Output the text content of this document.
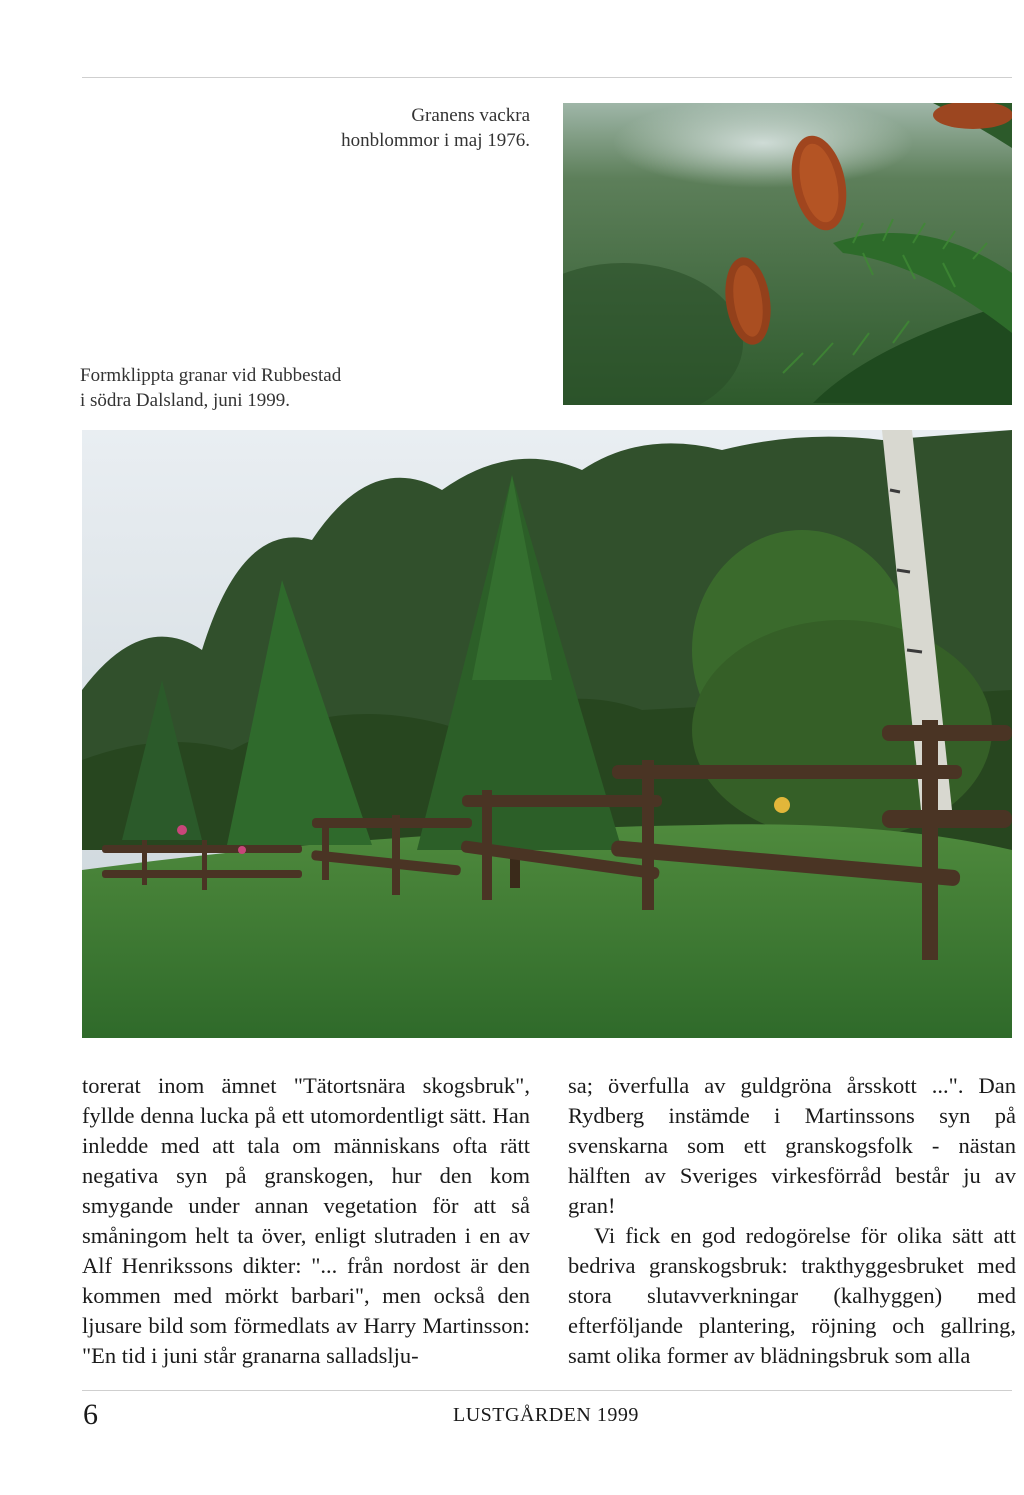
Granens vackra
honblommor i maj 1976.
Formklippta granar vid Rubbestad
i södra Dalsland, juni 1999.

torerat inom ämnet "Tätortsnära skogsbruk", fyllde denna lucka på ett utomordentligt sätt. Han inledde med att tala om människans ofta rätt negativa syn på granskogen, hur den kom smygande under annan vegetation för att så småningom helt ta över, enligt slutraden i en av Alf Henrikssons dikter: "... från nordost är den kommen med mörkt barbari", men också den ljusare bild som förmedlats av Harry Martinsson: "En tid i juni står granarna salladslju-

sa; överfulla av guldgröna årsskott ...". Dan Rydberg instämde i Martinssons syn på svenskarna som ett granskogsfolk - nästan hälften av Sveriges virkesförråd består ju av gran!

Vi fick en god redogörelse för olika sätt att bedriva granskogsbruk: trakthyggesbruket med stora slutavverkningar (kalhyggen) med efterföljande plantering, röjning och gallring, samt olika former av blädningsbruk som alla

6	LUSTGÅRDEN 1999
